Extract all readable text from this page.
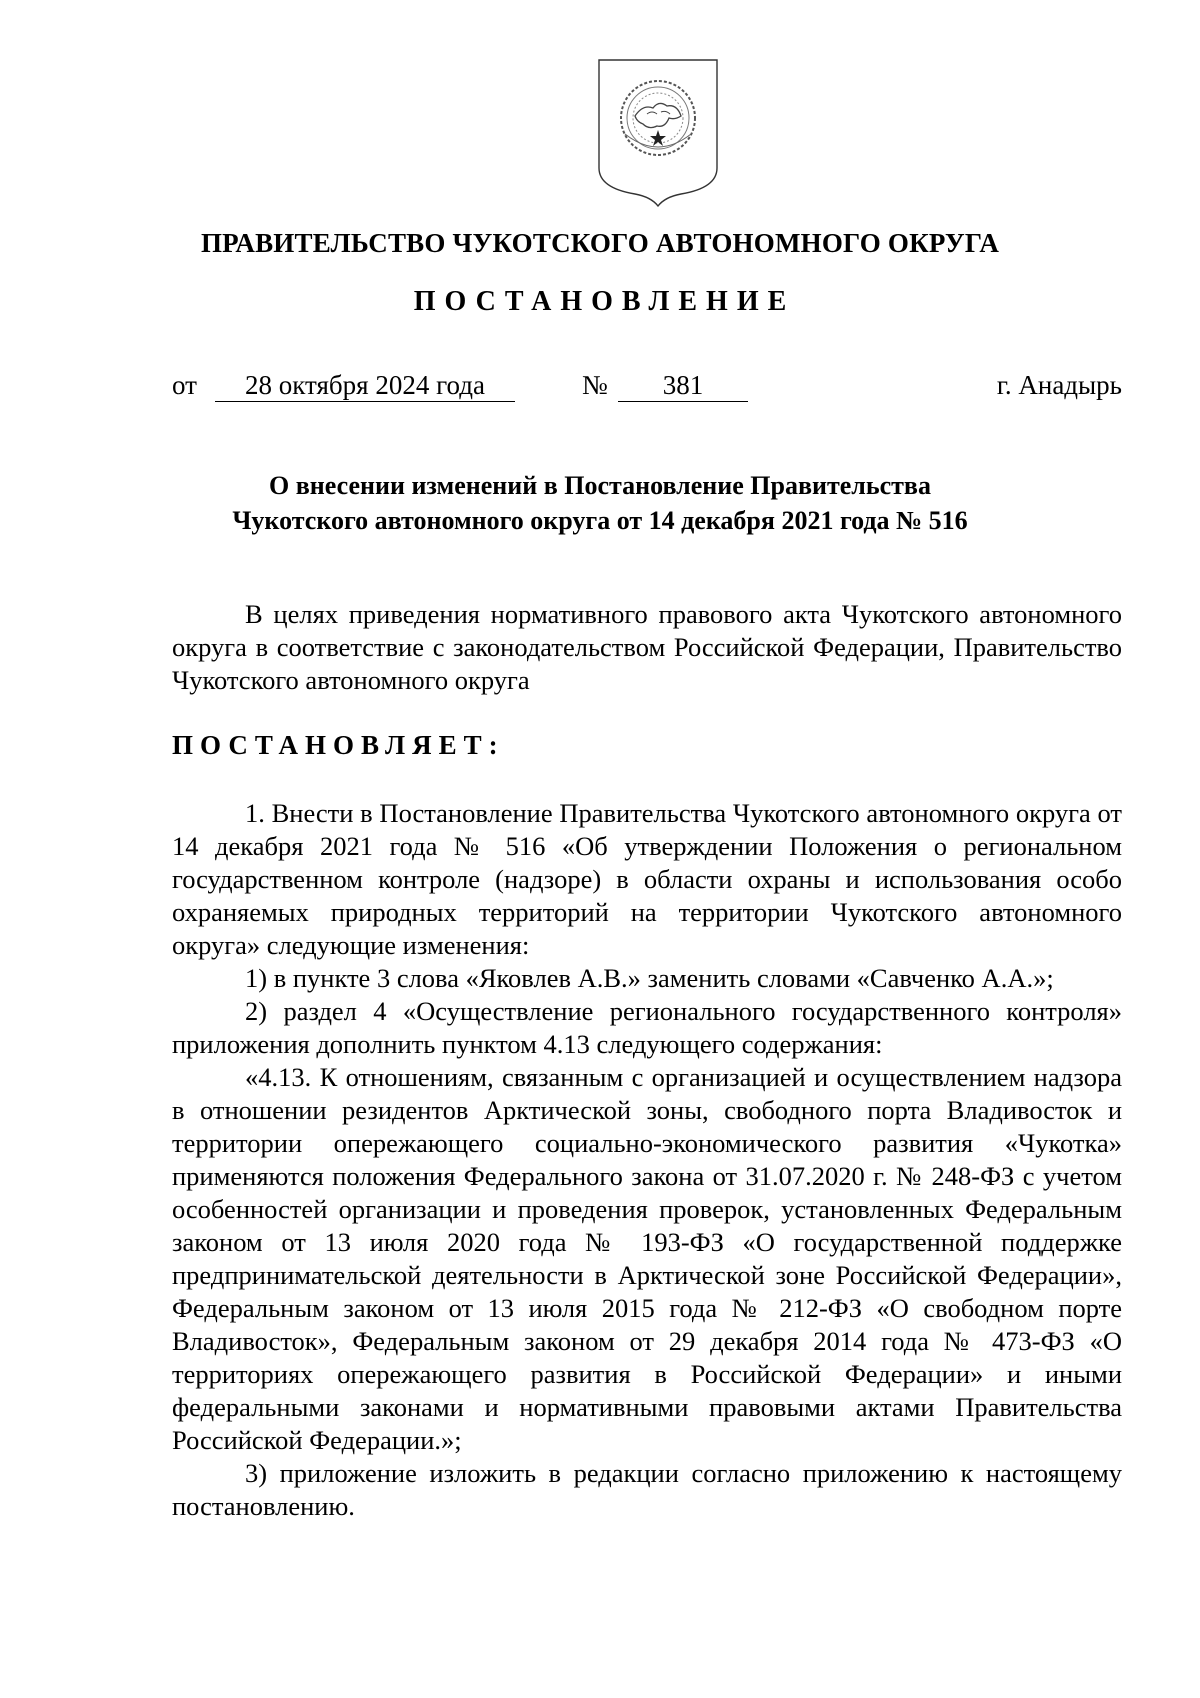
ПРАВИТЕЛЬСТВО ЧУКОТСКОГО АВТОНОМНОГО ОКРУГА
ПОСТАНОВЛЕНИЕ
от	28 октября 2024 года	№	381	г. Анадырь
О внесении изменений в Постановление Правительства
Чукотского автономного округа от 14 декабря 2021 года № 516

В целях приведения нормативного правового акта Чукотского автономного округа в соответствие с законодательством Российской Федерации, Правительство Чукотского автономного округа

ПОСТАНОВЛЯЕТ:

1. Внести в Постановление Правительства Чукотского автономного округа от 14 декабря 2021 года № 516 «Об утверждении Положения о региональном государственном контроле (надзоре) в области охраны и использования особо охраняемых природных территорий на территории Чукотского автономного округа» следующие изменения:

1) в пункте 3 слова «Яковлев А.В.» заменить словами «Савченко А.А.»;

2) раздел 4 «Осуществление регионального государственного контроля» приложения дополнить пунктом 4.13 следующего содержания:

«4.13. К отношениям, связанным с организацией и осуществлением надзора в отношении резидентов Арктической зоны, свободного порта Владивосток и территории опережающего социально-экономического развития «Чукотка» применяются положения Федерального закона от 31.07.2020 г. № 248-ФЗ с учетом особенностей организации и проведения проверок, установленных Федеральным законом от 13 июля 2020 года № 193-ФЗ «О государственной поддержке предпринимательской деятельности в Арктической зоне Российской Федерации», Федеральным законом от 13 июля 2015 года № 212-ФЗ «О свободном порте Владивосток», Федеральным законом от 29 декабря 2014 года № 473-ФЗ «О территориях опережающего развития в Российской Федерации» и иными федеральными законами и нормативными правовыми актами Правительства Российской Федерации.»;

3) приложение изложить в редакции согласно приложению к настоящему постановлению.
